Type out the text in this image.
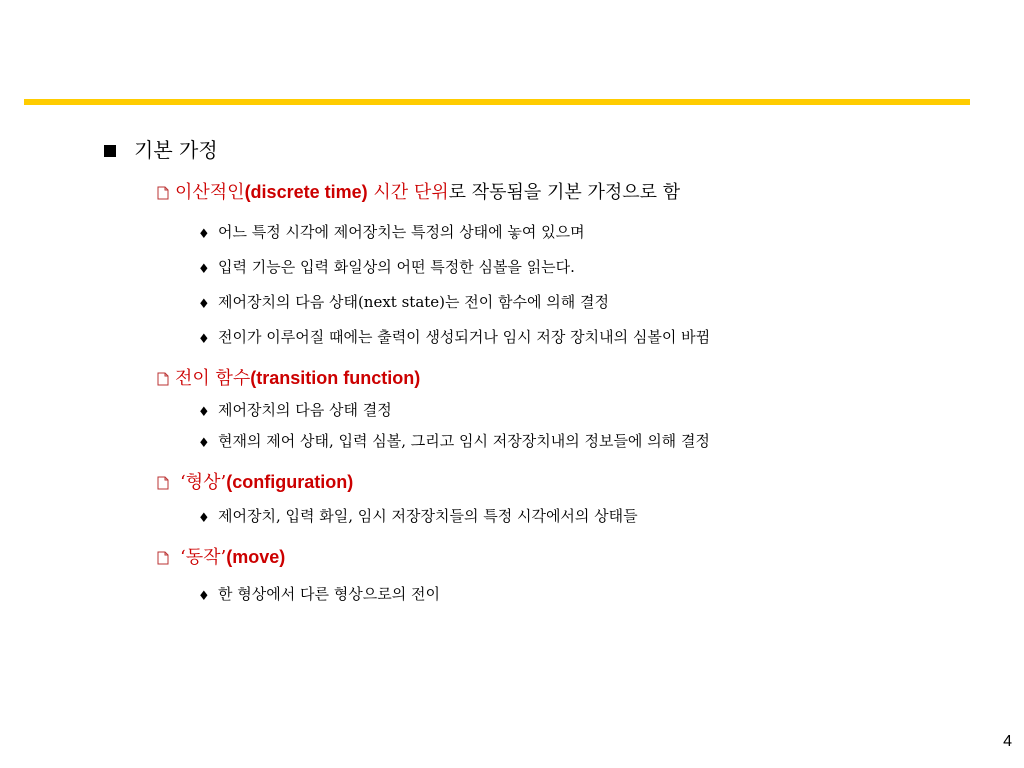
기본 가정
이산적인(discrete time) 시간 단위로 작동됨을 기본 가정으로 함
♦ 어느 특정 시각에 제어장치는 특정의 상태에 놓여 있으며
♦ 입력 기능은 입력 화일상의 어떤 특정한 심볼을 읽는다.
♦ 제어장치의 다음 상태(next state)는 전이 함수에 의해 결정
♦ 전이가 이루어질 때에는 출력이 생성되거나 임시 저장 장치내의 심볼이 바뀜
전이 함수(transition function)
♦ 제어장치의 다음 상태 결정
♦ 현재의 제어 상태, 입력 심볼, 그리고 임시 저장장치내의 정보들에 의해 결정
‘형상’(configuration)
♦ 제어장치, 입력 화일, 임시 저장장치들의 특정 시각에서의 상태들
‘동작’(move)
♦ 한 형상에서 다른 형상으로의 전이
4
